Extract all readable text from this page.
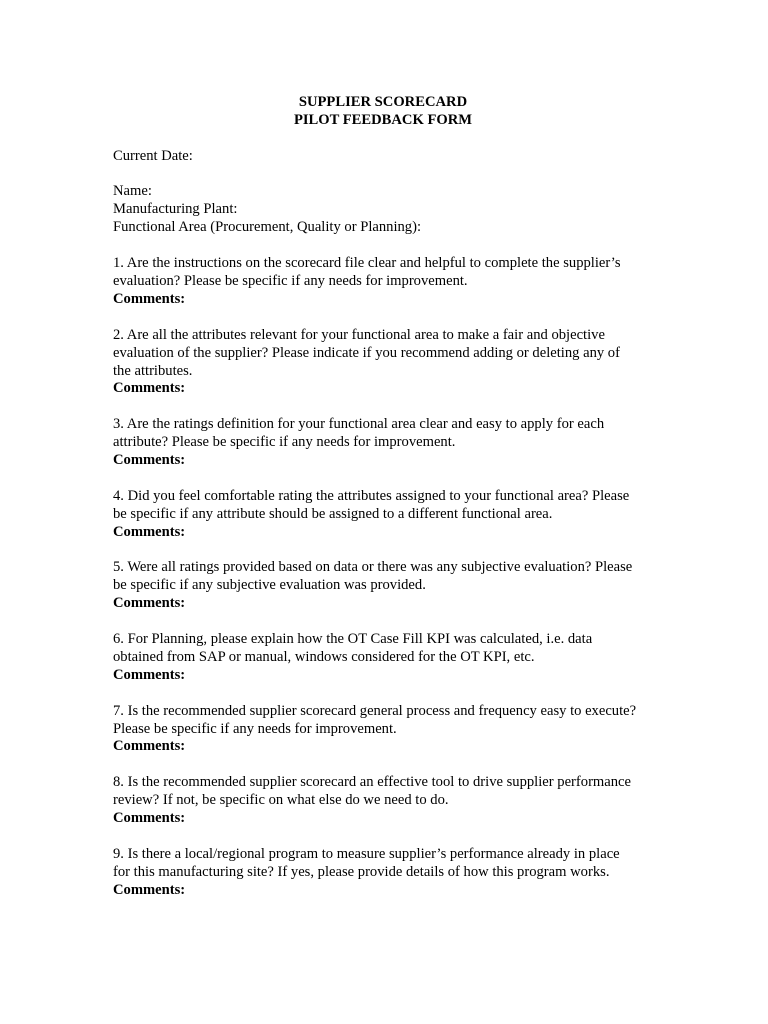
SUPPLIER SCORECARD
PILOT FEEDBACK FORM
Current Date:
Name:
Manufacturing Plant:
Functional Area (Procurement, Quality or Planning):
1. Are the instructions on the scorecard file clear and helpful to complete the supplier’s
evaluation? Please be specific if any needs for improvement.
Comments:
2. Are all the attributes relevant for your functional area to make a fair and objective
evaluation of the supplier? Please indicate if you recommend adding or deleting any of
the attributes.
Comments:
3. Are the ratings definition for your functional area clear and easy to apply for each
attribute? Please be specific if any needs for improvement.
Comments:
4. Did you feel comfortable rating the attributes assigned to your functional area? Please
be specific if any attribute should be assigned to a different functional area.
Comments:
5. Were all ratings provided based on data or there was any subjective evaluation? Please
be specific if any subjective evaluation was provided.
Comments:
6. For Planning, please explain how the OT Case Fill KPI was calculated, i.e. data
obtained from SAP or manual, windows considered for the OT KPI, etc.
Comments:
7. Is the recommended supplier scorecard general process and frequency easy to execute?
Please be specific if any needs for improvement.
Comments:
8. Is the recommended supplier scorecard an effective tool to drive supplier performance
review? If not, be specific on what else do we need to do.
Comments:
9. Is there a local/regional program to measure supplier’s performance already in place
for this manufacturing site? If yes, please provide details of how this program works.
Comments:
